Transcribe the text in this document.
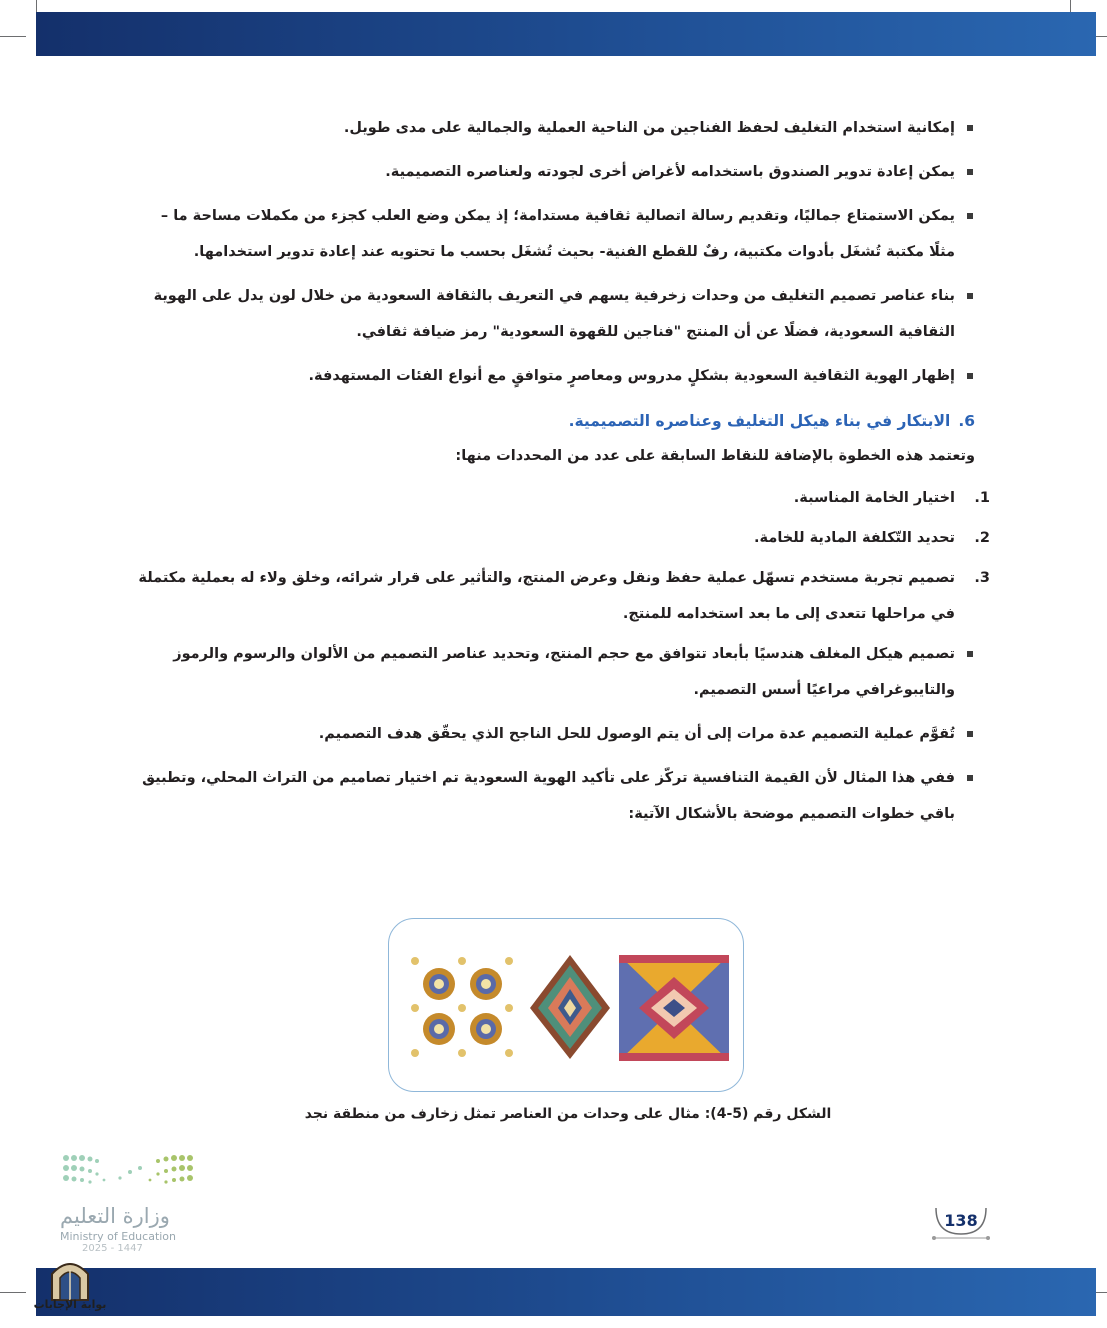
إمكانية استخدام التغليف لحفظ الفناجين من الناحية العملية والجمالية على مدى طويل.
يمكن إعادة تدوير الصندوق باستخدامه لأغراض أخرى لجودته ولعناصره التصميمية.
يمكن الاستمتاع جماليًا، وتقديم رسالة اتصالية ثقافية مستدامة؛ إذ يمكن وضع العلب كجزء من مكملات مساحة ما – مثلًا مكتبة تُشغَل بأدوات مكتبية، رفٌ للقطع الفنية- بحيث تُشغَل بحسب ما تحتويه عند إعادة تدوير استخدامها.
بناء عناصر تصميم التغليف من وحدات زخرفية يسهم في التعريف بالثقافة السعودية من خلال لون يدل على الهوية الثقافية السعودية، فضلًا عن أن المنتج "فناجين للقهوة السعودية" رمز ضيافة ثقافي.
إظهار الهوية الثقافية السعودية بشكلٍ مدروس ومعاصرٍ متوافقٍ مع أنواع الفئات المستهدفة.
6.الابتكار في بناء هيكل التغليف وعناصره التصميمية.
وتعتمد هذه الخطوة بالإضافة للنقاط السابقة على عدد من المحددات منها:
1.
اختيار الخامة المناسبة.
2.
تحديد التّكلفة المادية للخامة.
3.
تصميم تجربة مستخدم تسهّل عملية حفظ ونقل وعرض المنتج، والتأثير على قرار شرائه، وخلق ولاء له بعملية مكتملة في مراحلها تتعدى إلى ما بعد استخدامه للمنتج.
تصميم هيكل المغلف هندسيًا بأبعاد تتوافق مع حجم المنتج، وتحديد عناصر التصميم من الألوان والرسوم والرموز والتايبوغرافي مراعيًا أسس التصميم.
تُقوَّم عملية التصميم عدة مرات إلى أن يتم الوصول للحل الناجح الذي يحقّق هدف التصميم.
ففي هذا المثال لأن القيمة التنافسية تركّز على تأكيد الهوية السعودية تم اختيار تصاميم من التراث المحلي، وتطبيق باقي خطوات التصميم موضحة بالأشكال الآتية:
الشكل رقم (5-4): مثال على وحدات من العناصر تمثل زخارف من منطقة نجد
وزارة التعليم
Ministry of Education
2025 - 1447
138
بوابة الإجابات
